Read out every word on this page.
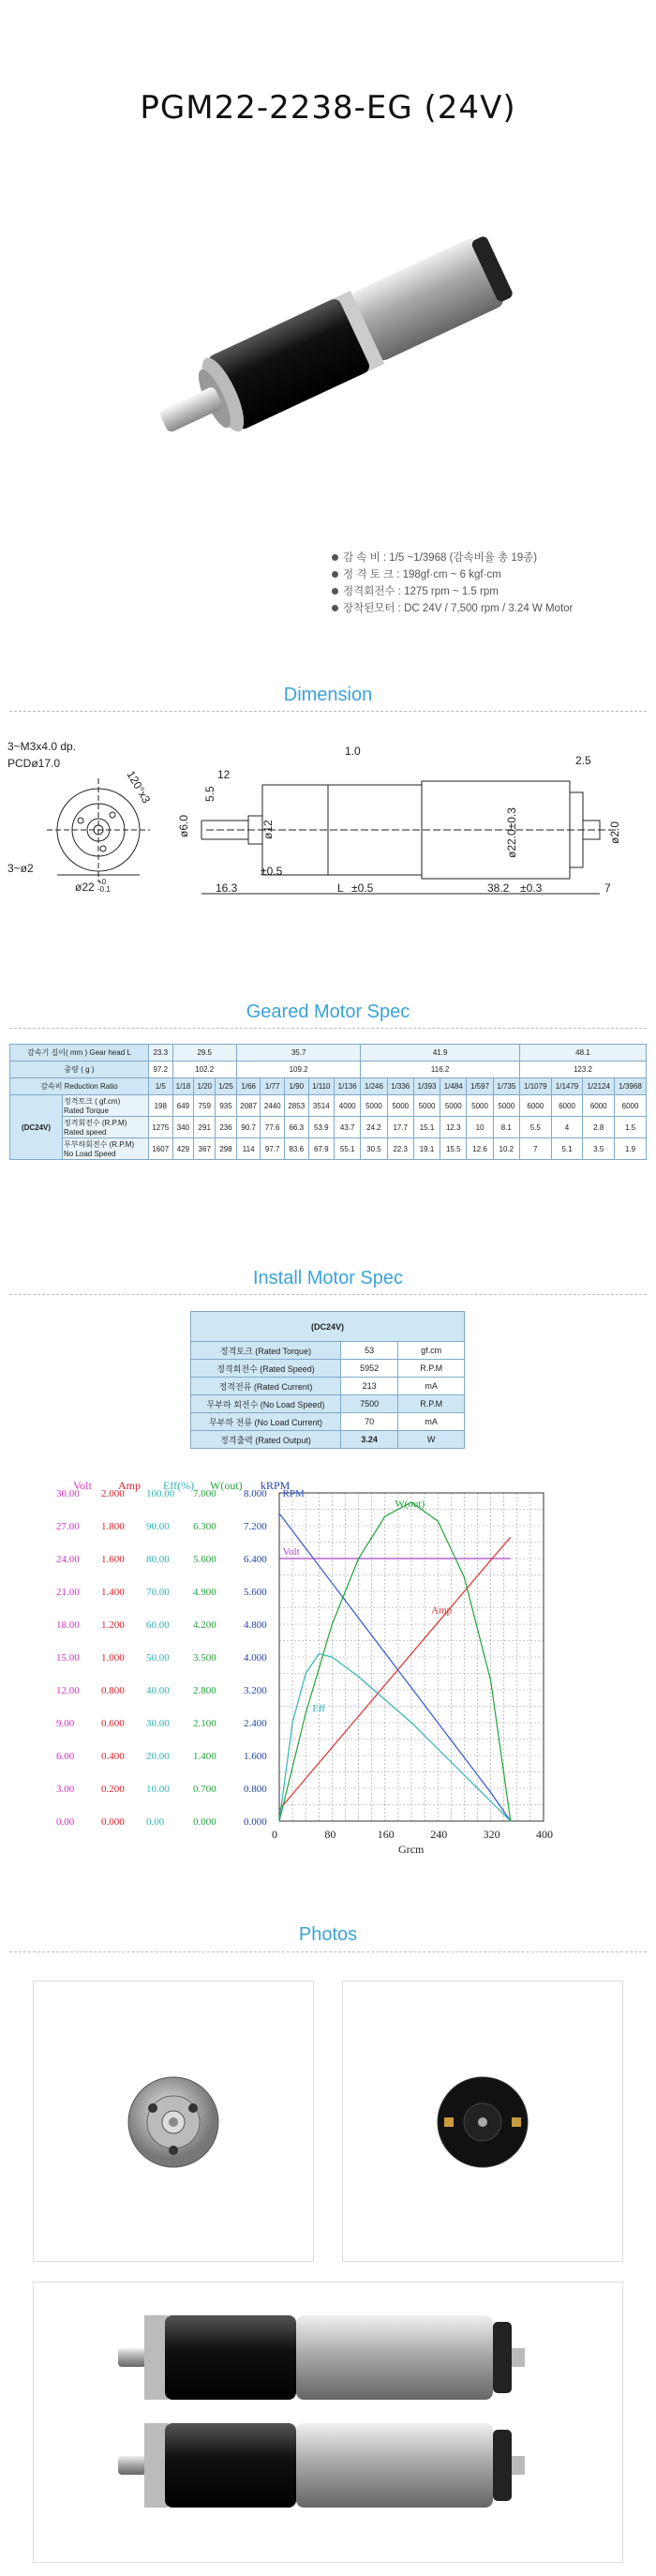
PGM22-2238-EG (24V)
감 속 비 : 1/5 ~1/3968 (감속비율 총 19종)
정 격 토 크 : 198gf·cm ~ 6 kgf·cm
정격회전수 : 1275 rpm ~ 1.5 rpm
장착된모터 : DC 24V / 7,500 rpm / 3.24 W Motor
Dimension
3~M3x4.0 dp.
PCDø17.0
120°x3
3~ø2
ø22 +0
-0.1
ø6.0
5.5
12
1.0
ø12
±0.5
16.3	L ±0.5
ø22.0±0.3
2.5
ø2.0
38.2 ±0.3	7
Geared Motor Spec
감속기 길이( mm ) Gear head L		23.3	29.5			35.7					41.9						48.1			
중량 ( g )		97.2	102.2			109.2					116.2						123.2			
감속비 Reduction Ratio		1/5	1/18	1/20	1/25	1/66	1/77	1/90	1/110	1/136	1/246	1/336	1/393	1/484	1/597	1/735	1/1079	1/1479	1/2124	1/3968
(DC24V)	정격토크 ( gf.cm)
Rated Torque	198	649	759	935	2087	2440	2853	3514	4000	5000	5000	5000	5000	5000	5000	6000	6000	6000	6000
	정격회전수 (R.P.M)
Rated speed	1275	340	291	236	90.7	77.6	66.3	53.9	43.7	24.2	17.7	15.1	12.3	10	8.1	5.5	4	2.8	1.5
	무부하회전수 (R.P.M)
No Load Speed	1607	429	367	298	114	97.7	83.6	67.9	55.1	30.5	22.3	19.1	15.5	12.6	10.2	7	5.1	3.5	1.9
Install Motor Spec
(DC24V)		
정격토크 (Rated Torque)	53	gf.cm
정격회전수 (Rated Speed)	5952	R.P.M
정격전류 (Rated Current)	213	mA
무부하 회전수 (No Load Speed)	7500	R.P.M
무부하 전류 (No Load Current)	70	mA
정격출력 (Rated Output)	3.24	W
Volt
0.00
3.00
6.00
9.00
12.00
15.00
18.00
21.00
24.00
27.00
30.00
Amp
0.000
0.200
0.400
0.600
0.800
1.000
1.200
1.400
1.600
1.800
2.000
Eff(%)
0.00
10.00
20.00
30.00
40.00
50.00
60.00
70.00
80.00
90.00
100.00
W(out)
0.000
0.700
1.400
2.100
2.800
3.500
4.200
4.900
5.600
6.300
7.000
kRPM
0.000
0.800
1.600
2.400
3.200
4.000
4.800
5.600
6.400
7.200
8.000
0	80	160	240	320	400
Grcm
RPM
Volt
Amp
Eff
W(out)
Photos
